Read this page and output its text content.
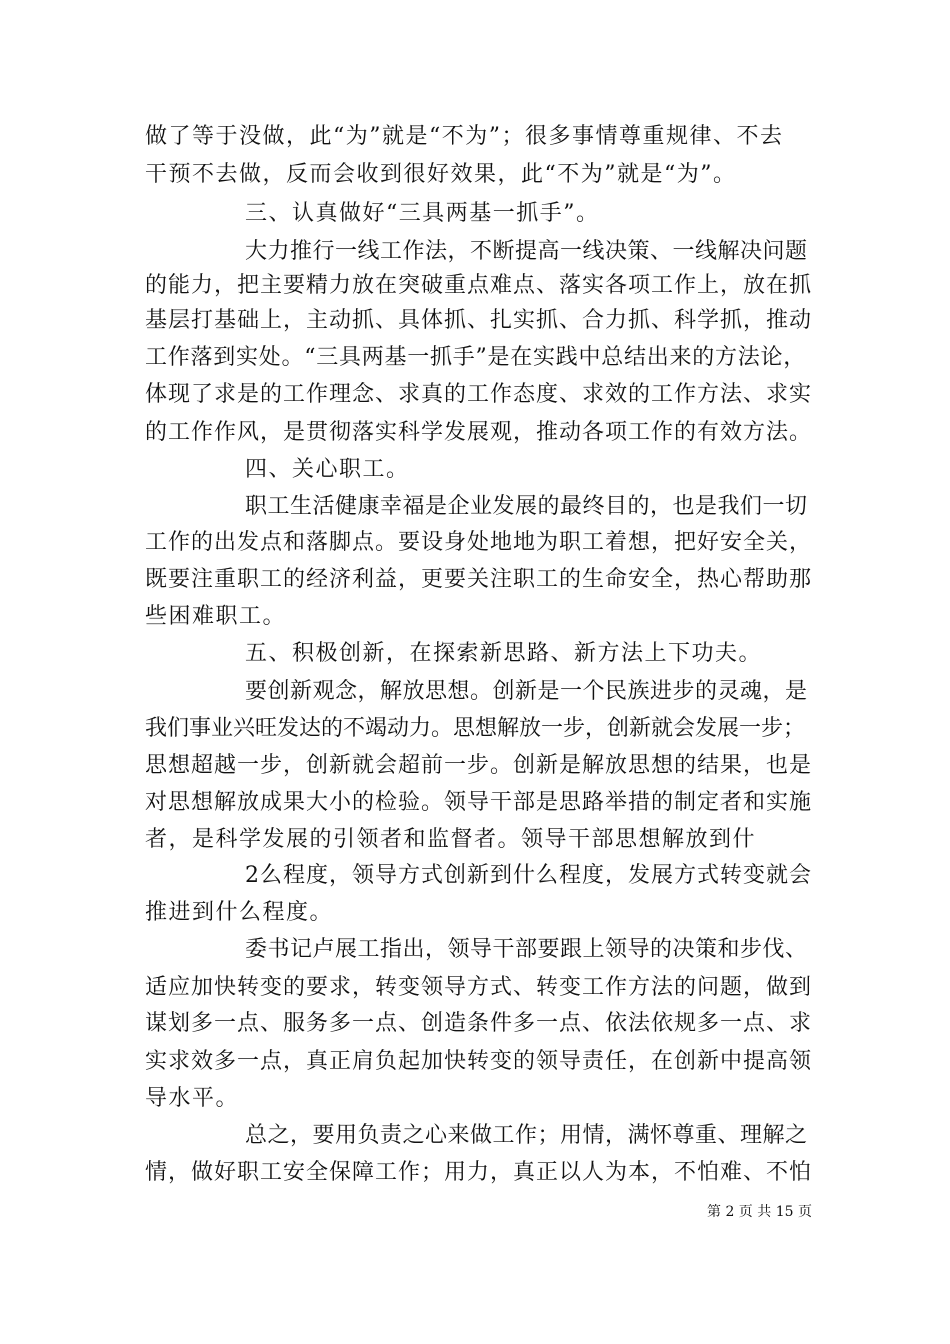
做了等于没做，此“为”就是“不为”；很多事情尊重规律、不去
干预不去做，反而会收到很好效果，此“不为”就是“为”。
三、认真做好“三具两基一抓手”。
大力推行一线工作法，不断提高一线决策、一线解决问题
的能力，把主要精力放在突破重点难点、落实各项工作上，放在抓
基层打基础上，主动抓、具体抓、扎实抓、合力抓、科学抓，推动
工作落到实处。“三具两基一抓手”是在实践中总结出来的方法论，
体现了求是的工作理念、求真的工作态度、求效的工作方法、求实
的工作作风，是贯彻落实科学发展观，推动各项工作的有效方法。
四、关心职工。
职工生活健康幸福是企业发展的最终目的，也是我们一切
工作的出发点和落脚点。要设身处地地为职工着想，把好安全关，
既要注重职工的经济利益，更要关注职工的生命安全，热心帮助那
些困难职工。
五、积极创新，在探索新思路、新方法上下功夫。
要创新观念，解放思想。创新是一个民族进步的灵魂，是
我们事业兴旺发达的不竭动力。思想解放一步，创新就会发展一步；
思想超越一步，创新就会超前一步。创新是解放思想的结果，也是
对思想解放成果大小的检验。领导干部是思路举措的制定者和实施
者，是科学发展的引领者和监督者。领导干部思想解放到什
2么程度，领导方式创新到什么程度，发展方式转变就会
推进到什么程度。
委书记卢展工指出，领导干部要跟上领导的决策和步伐、
适应加快转变的要求，转变领导方式、转变工作方法的问题，做到
谋划多一点、服务多一点、创造条件多一点、依法依规多一点、求
实求效多一点，真正肩负起加快转变的领导责任，在创新中提高领
导水平。
总之，要用负责之心来做工作；用情，满怀尊重、理解之
情，做好职工安全保障工作；用力，真正以人为本，不怕难、不怕
第 2 页 共 15 页
